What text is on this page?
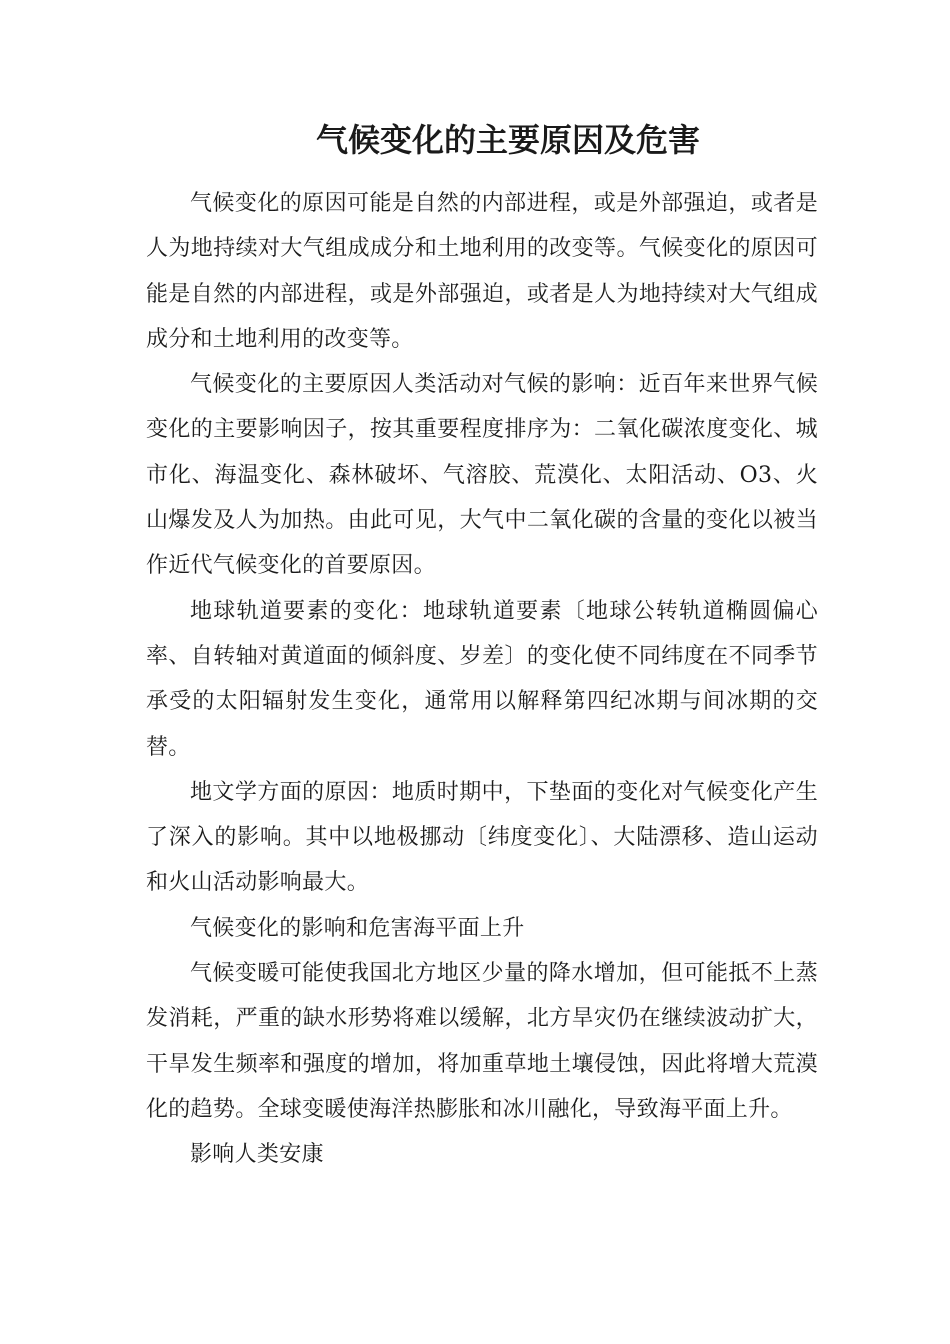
气候变化的主要原因及危害

气候变化的原因可能是自然的内部进程，或是外部强迫，或者是人为地持续对大气组成成分和土地利用的改变等。气候变化的原因可能是自然的内部进程，或是外部强迫，或者是人为地持续对大气组成成分和土地利用的改变等。

气候变化的主要原因人类活动对气候的影响：近百年来世界气候变化的主要影响因子，按其重要程度排序为：二氧化碳浓度变化、城市化、海温变化、森林破坏、气溶胶、荒漠化、太阳活动、O3、火山爆发及人为加热。由此可见，大气中二氧化碳的含量的变化以被当作近代气候变化的首要原因。

地球轨道要素的变化：地球轨道要素〔地球公转轨道椭圆偏心率、自转轴对黄道面的倾斜度、岁差〕的变化使不同纬度在不同季节承受的太阳辐射发生变化，通常用以解释第四纪冰期与间冰期的交替。

地文学方面的原因：地质时期中，下垫面的变化对气候变化产生了深入的影响。其中以地极挪动〔纬度变化〕、大陆漂移、造山运动和火山活动影响最大。

气候变化的影响和危害海平面上升

气候变暖可能使我国北方地区少量的降水增加，但可能抵不上蒸发消耗，严重的缺水形势将难以缓解，北方旱灾仍在继续波动扩大，干旱发生频率和强度的增加，将加重草地土壤侵蚀，因此将增大荒漠化的趋势。全球变暖使海洋热膨胀和冰川融化，导致海平面上升。

影响人类安康
